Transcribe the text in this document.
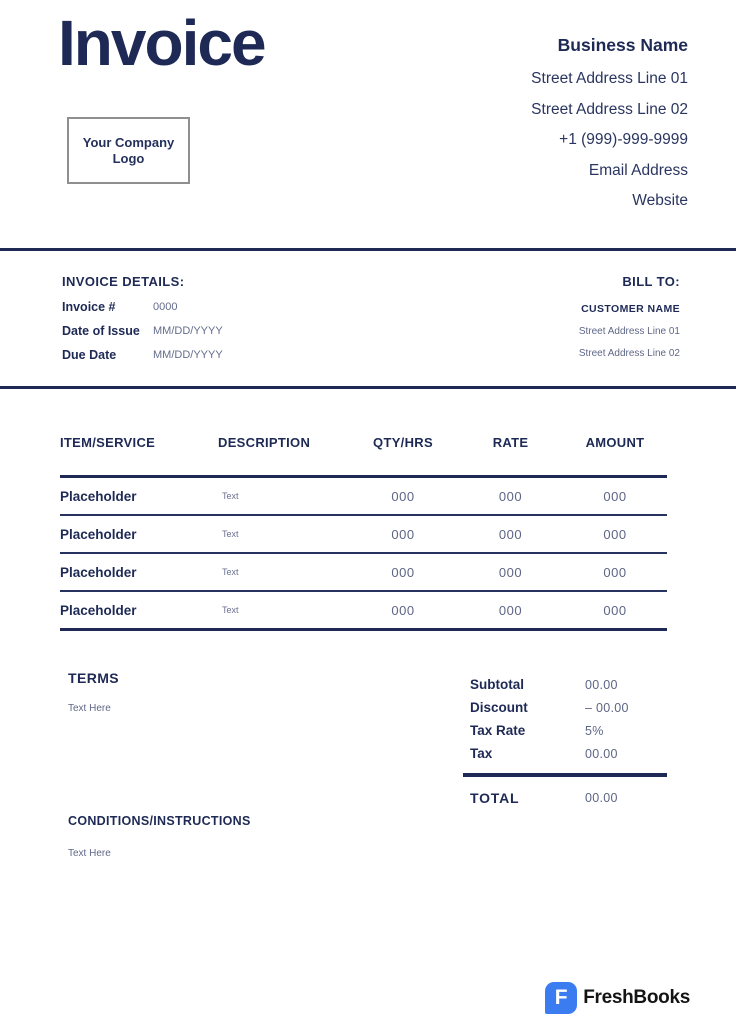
Invoice
Your Company
Logo
Business Name
Street Address Line 01
Street Address Line 02
+1 (999)-999-9999
Email Address
Website
INVOICE DETAILS:
Invoice #	0000
Date of Issue	MM/DD/YYYY
Due Date	MM/DD/YYYY
BILL TO:
CUSTOMER NAME
Street Address Line 01
Street Address Line 02
ITEM/SERVICE	DESCRIPTION	QTY/HRS	RATE	AMOUNT
Placeholder	Text	000	000	000
Placeholder	Text	000	000	000
Placeholder	Text	000	000	000
Placeholder	Text	000	000	000
TERMS
Text Here
Subtotal	00.00
Discount	– 00.00
Tax Rate	5%
Tax	00.00
TOTAL	00.00
CONDITIONS/INSTRUCTIONS
Text Here
F FreshBooks
